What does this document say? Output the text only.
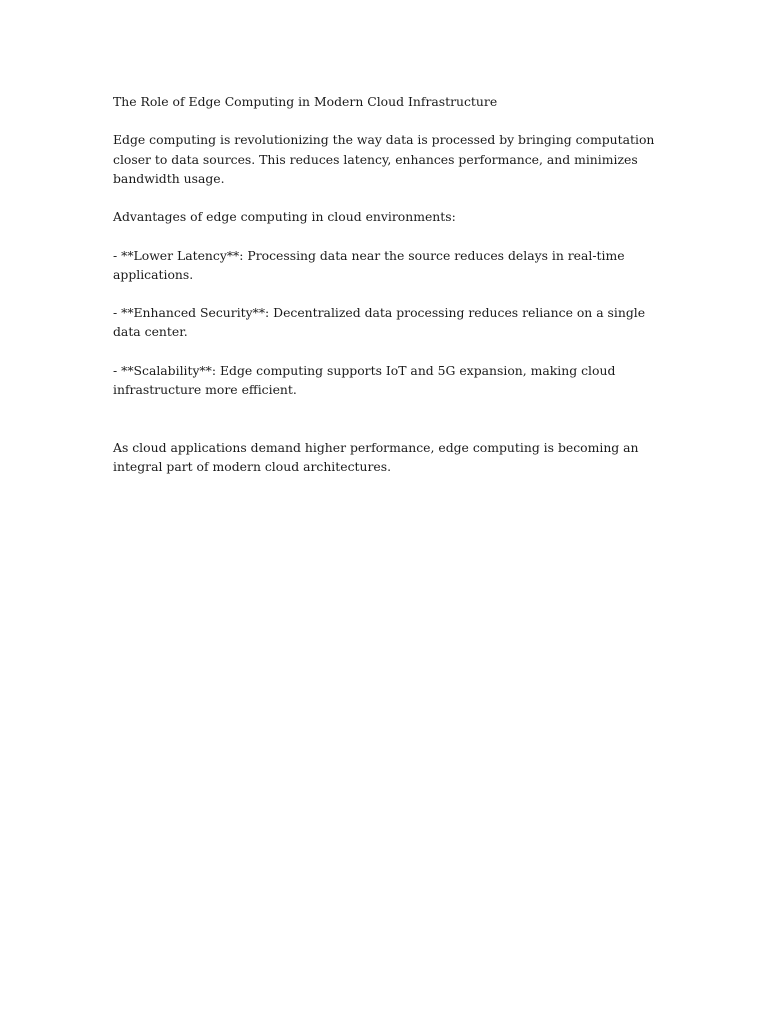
The Role of Edge Computing in Modern Cloud Infrastructure

Edge computing is revolutionizing the way data is processed by bringing computation closer to data sources. This reduces latency, enhances performance, and minimizes bandwidth usage.

Advantages of edge computing in cloud environments:

- **Lower Latency**: Processing data near the source reduces delays in real-time applications.

- **Enhanced Security**: Decentralized data processing reduces reliance on a single data center.

- **Scalability**: Edge computing supports IoT and 5G expansion, making cloud infrastructure more efficient.

As cloud applications demand higher performance, edge computing is becoming an integral part of modern cloud architectures.
